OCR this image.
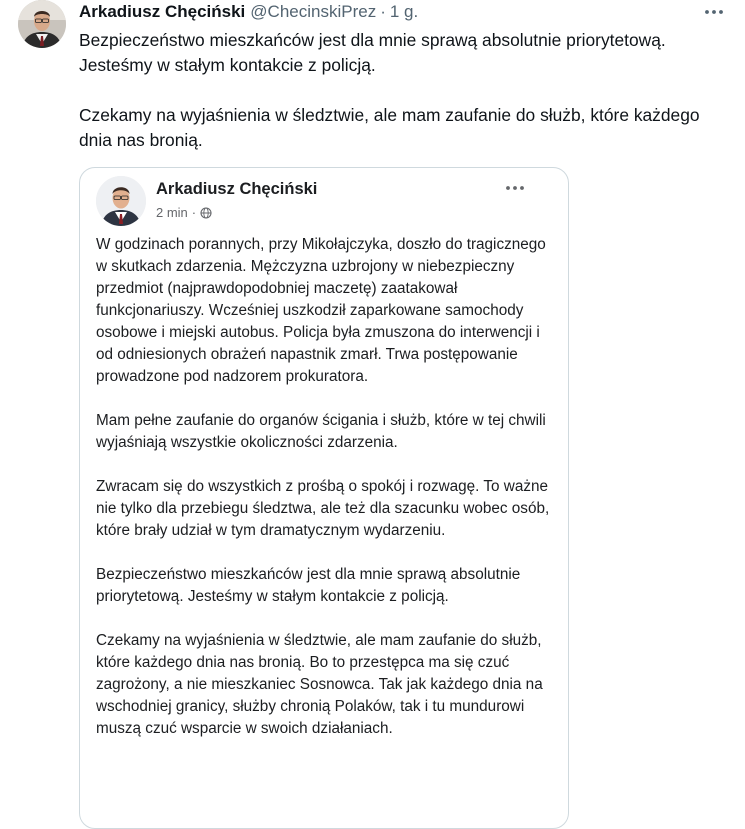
Arkadiusz Chęciński @ChecinskiPrez · 1 g.

Bezpieczeństwo mieszkańców jest dla mnie sprawą absolutnie priorytetową. Jesteśmy w stałym kontakcie z policją.

Czekamy na wyjaśnienia w śledztwie, ale mam zaufanie do służb, które każdego dnia nas bronią.

Arkadiusz Chęciński
2 min ·

W godzinach porannych, przy Mikołajczyka, doszło do tragicznego w skutkach zdarzenia. Mężczyzna uzbrojony w niebezpieczny przedmiot (najprawdopodobniej maczetę) zaatakował funkcjonariuszy. Wcześniej uszkodził zaparkowane samochody osobowe i miejski autobus. Policja była zmuszona do interwencji i od odniesionych obrażeń napastnik zmarł. Trwa postępowanie prowadzone pod nadzorem prokuratora.

Mam pełne zaufanie do organów ścigania i służb, które w tej chwili wyjaśniają wszystkie okoliczności zdarzenia.

Zwracam się do wszystkich z prośbą o spokój i rozwagę. To ważne nie tylko dla przebiegu śledztwa, ale też dla szacunku wobec osób, które brały udział w tym dramatycznym wydarzeniu.

Bezpieczeństwo mieszkańców jest dla mnie sprawą absolutnie priorytetową. Jesteśmy w stałym kontakcie z policją.

Czekamy na wyjaśnienia w śledztwie, ale mam zaufanie do służb, które każdego dnia nas bronią. Bo to przestępca ma się czuć zagrożony, a nie mieszkaniec Sosnowca. Tak jak każdego dnia na wschodniej granicy, służby chronią Polaków, tak i tu mundurowi muszą czuć wsparcie w swoich działaniach.
